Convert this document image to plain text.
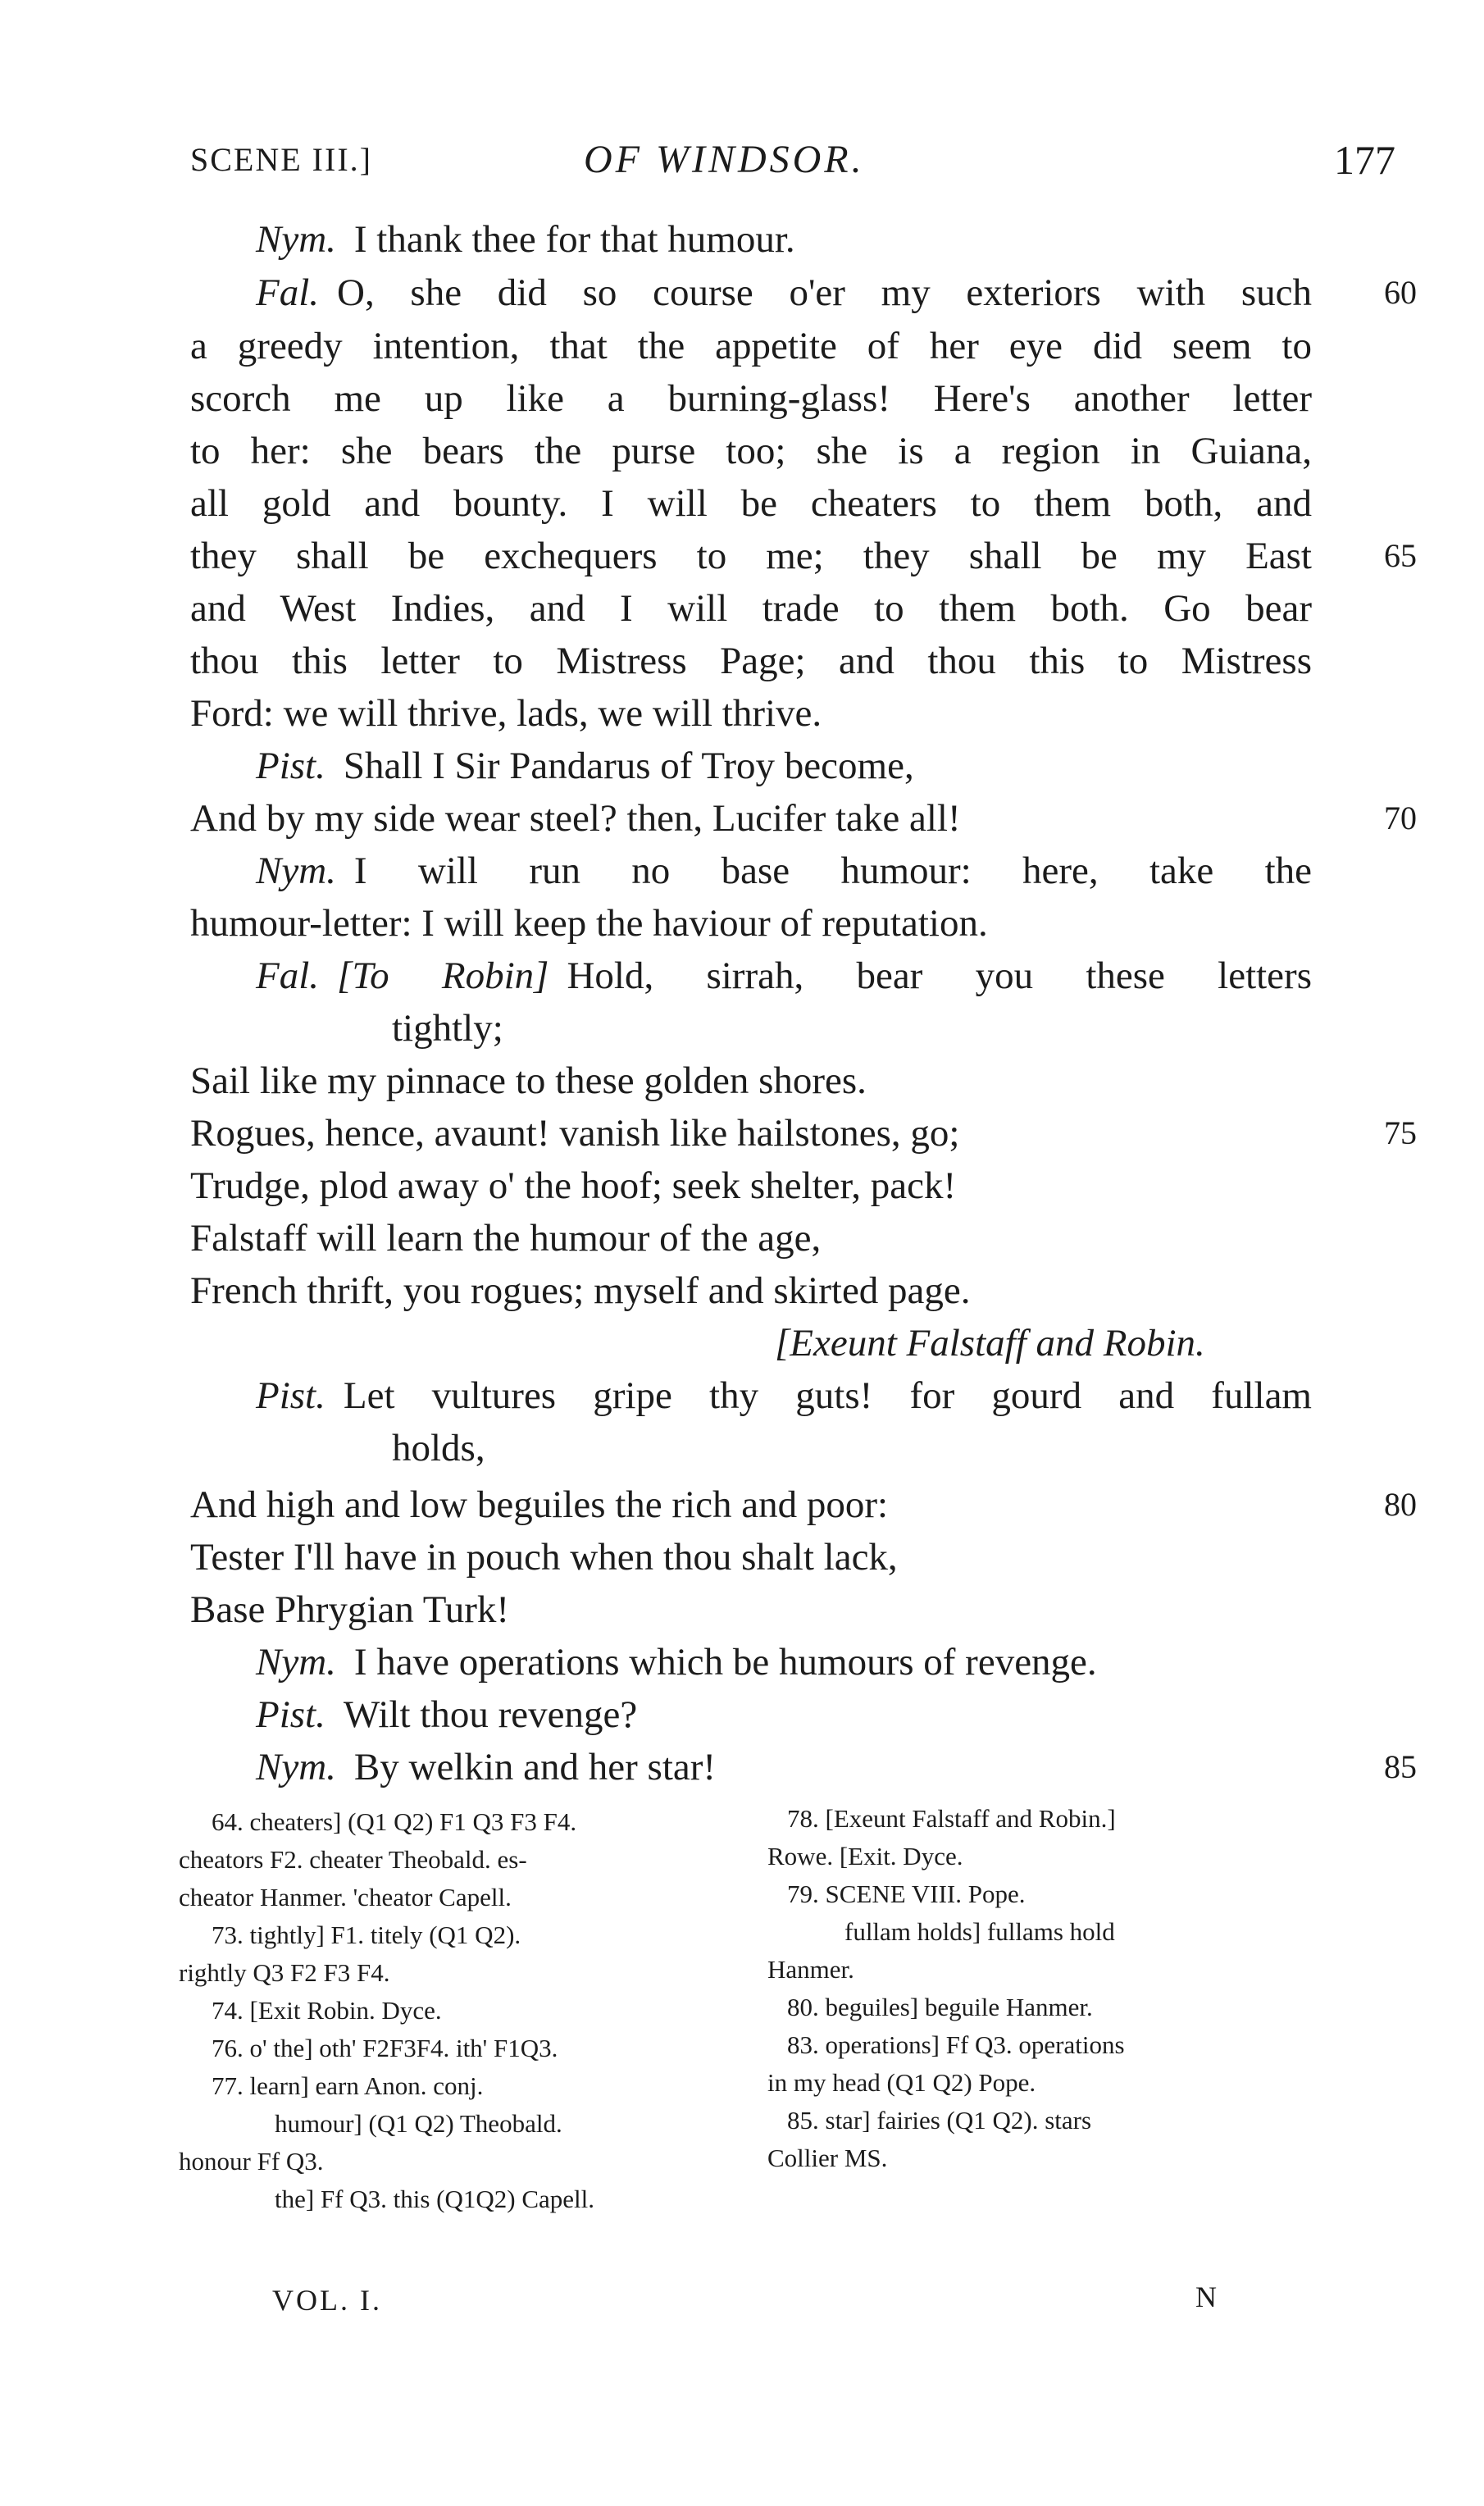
SCENE III.]	OF WINDSOR.	177
Nym. I thank thee for that humour.
Fal. O, she did so course o'er my exteriors with such	60
a greedy intention, that the appetite of her eye did seem to
scorch me up like a burning-glass! Here's another letter
to her: she bears the purse too; she is a region in Guiana,
all gold and bounty. I will be cheaters to them both, and
they shall be exchequers to me; they shall be my East	65
and West Indies, and I will trade to them both. Go bear
thou this letter to Mistress Page; and thou this to Mistress
Ford: we will thrive, lads, we will thrive.
Pist. Shall I Sir Pandarus of Troy become,
And by my side wear steel? then, Lucifer take all!	70
Nym. I will run no base humour: here, take the
humour-letter: I will keep the haviour of reputation.
Fal. [To Robin] Hold, sirrah, bear you these letters
tightly;
Sail like my pinnace to these golden shores.
Rogues, hence, avaunt! vanish like hailstones, go;	75
Trudge, plod away o' the hoof; seek shelter, pack!
Falstaff will learn the humour of the age,
French thrift, you rogues; myself and skirted page.
[Exeunt Falstaff and Robin.
Pist. Let vultures gripe thy guts! for gourd and fullam
holds,
And high and low beguiles the rich and poor:	80
Tester I'll have in pouch when thou shalt lack,
Base Phrygian Turk!
Nym. I have operations which be humours of revenge.
Pist. Wilt thou revenge?
Nym. By welkin and her star!	85
64. cheaters] (Q1 Q2) F1 Q3 F3 F4.
cheators F2. cheater Theobald. es-
cheator Hanmer. 'cheator Capell.
73. tightly] F1. titely (Q1 Q2).
rightly Q3 F2 F3 F4.
74. [Exit Robin. Dyce.
76. o' the] oth' F2F3F4. ith' F1Q3.
77. learn] earn Anon. conj.
humour] (Q1 Q2) Theobald.
honour Ff Q3.
the] Ff Q3. this (Q1Q2) Capell.
78. [Exeunt Falstaff and Robin.]
Rowe. [Exit. Dyce.
79. SCENE VIII. Pope.
fullam holds] fullams hold
Hanmer.
80. beguiles] beguile Hanmer.
83. operations] Ff Q3. operations
in my head (Q1 Q2) Pope.
85. star] fairies (Q1 Q2). stars
Collier MS.
VOL. I.	N
